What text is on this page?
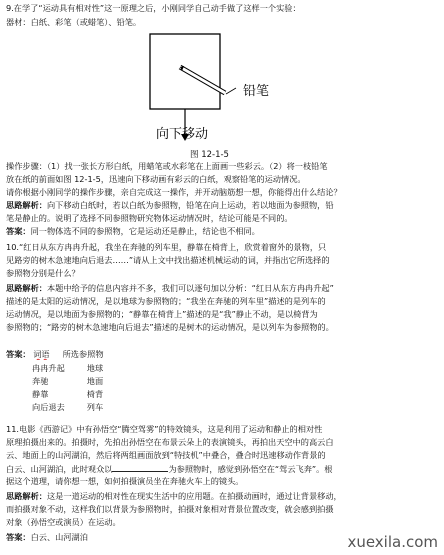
9.在学了“运动具有相对性”这一原理之后，小刚同学自己动手做了这样一个实验：
器材：白纸、彩笔（或蜡笔）、铅笔。
铅笔
向下移动
图 12-1-5
操作步骤：（1）找一张长方形白纸，用蜡笔或水彩笔在上面画一些彩云。（2）将一枝铅笔
放在纸的前面如图 12-1-5，迅速向下移动画有彩云的白纸，观察铅笔的运动情况。
请你根据小刚同学的操作步骤，亲自完成这一操作，并开动脑筋想一想，你能得出什么结论？
思路解析：向下移动白纸时，若以白纸为参照物，铅笔在向上运动，若以地面为参照物，铅
笔是静止的。说明了选择不同参照物研究物体运动情况时，结论可能是不同的。
答案：同一物体选不同的参照物，它是运动还是静止，结论也不相同。
10.“红日从东方冉冉升起，我坐在奔驰的列车里，静靠在椅背上，欣赏着窗外的景物，只
见路旁的树木急速地向后退去……”请从上文中找出描述机械运动的词，并指出它所选择的
参照物分别是什么？
思路解析：本题中给予的信息内容并不多，我们可以逐句加以分析：“红日从东方冉冉升起”
描述的是太阳的运动情况，是以地球为参照物的；“我坐在奔驰的列车里”描述的是列车的
运动情况，是以地面为参照物的；“静靠在椅背上”描述的是“我”静止不动，是以椅背为
参照物的；“路旁的树木急速地向后退去”描述的是树木的运动情况，是以列车为参照物的。
答案： 词语 所选参照物
冉冉升起	地球
奔驰	地面
静靠	椅背
向后退去	列车
11.电影《西游记》中有孙悟空“腾空驾雾”的特效镜头，这是利用了运动和静止的相对性
原理拍摄出来的。拍摄时，先拍出孙悟空在布景云朵上的表演镜头，再拍出天空中的高云白
云、地面上的山河湖泊，然后将两组画面放到“特技机”中叠合，叠合时迅速移动作背景的
白云、山河湖泊，此时观众以	为参照物时，感觉到孙悟空在“驾云飞奔”。根
据这个道理，请你想一想，如何拍摄演员坐在奔驰火车上的镜头。
思路解析：这是一道运动的相对性在现实生活中的应用题。在拍摄动画时，通过让背景移动，
而拍摄对象不动，这样我们以背景为参照物时，拍摄对象相对背景位置改变，就会感到拍摄
对象（孙悟空或演员）在运动。
答案：白云、山河湖泊	xuexila.com
